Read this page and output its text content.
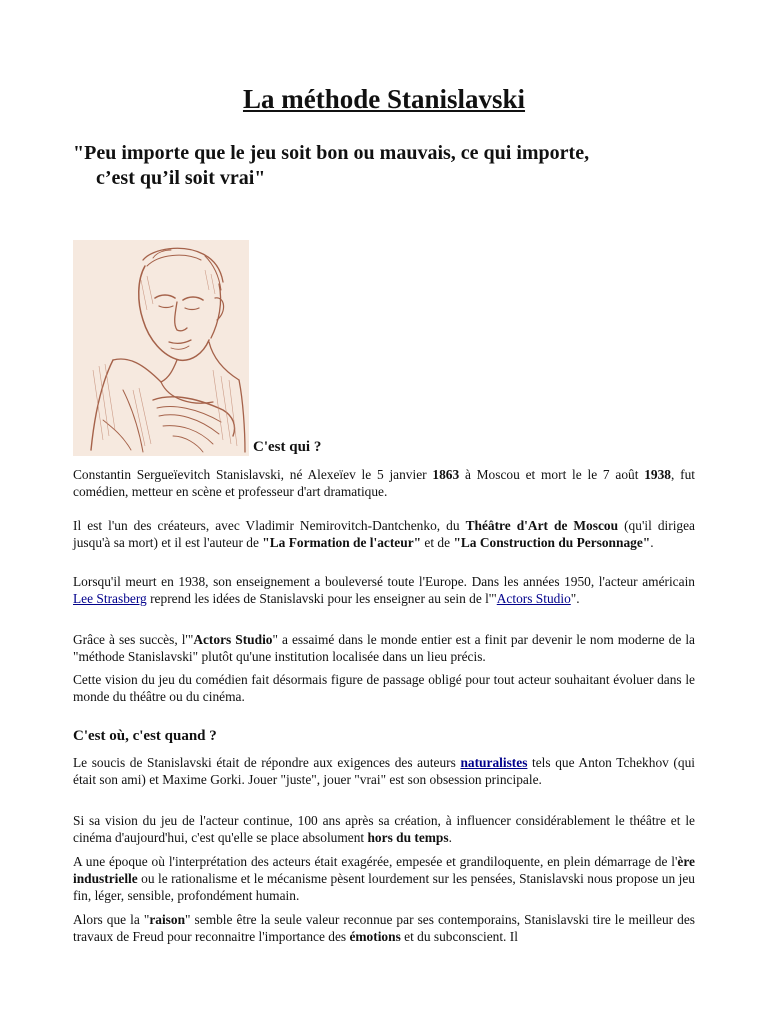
La méthode Stanislavski
"Peu importe que le jeu soit bon ou mauvais, ce qui importe,
c’est qu’il soit vrai"
C'est qui ?

Constantin Sergueïevitch Stanislavski, né Alexeïev le 5 janvier 1863 à Moscou et mort le le 7 août 1938, fut comédien, metteur en scène et professeur d'art dramatique.

Il est l'un des créateurs, avec Vladimir Nemirovitch-Dantchenko, du Théâtre d'Art de Moscou (qu'il dirigea jusqu'à sa mort) et il est l'auteur de "La Formation de l'acteur" et de "La Construction du Personnage".

Lorsqu'il meurt en 1938, son enseignement a bouleversé toute l'Europe. Dans les années 1950, l'acteur américain Lee Strasberg reprend les idées de Stanislavski pour les enseigner au sein de l'"Actors Studio".

Grâce à ses succès, l'"Actors Studio" a essaimé dans le monde entier est a finit par devenir le nom moderne de la "méthode Stanislavski" plutôt qu'une institution localisée dans un lieu précis.

Cette vision du jeu du comédien fait désormais figure de passage obligé pour tout acteur souhaitant évoluer dans le monde du théâtre ou du cinéma.

C'est où, c'est quand ?

Le soucis de Stanislavski était de répondre aux exigences des auteurs naturalistes tels que Anton Tchekhov (qui était son ami) et Maxime Gorki. Jouer "juste", jouer "vrai" est son obsession principale.

Si sa vision du jeu de l'acteur continue, 100 ans après sa création, à influencer considérablement le théâtre et le cinéma d'aujourd'hui, c'est qu'elle se place absolument hors du temps.

A une époque où l'interprétation des acteurs était exagérée, empesée et grandiloquente, en plein démarrage de l'ère industrielle ou le rationalisme et le mécanisme pèsent lourdement sur les pensées, Stanislavski nous propose un jeu fin, léger, sensible, profondément humain.

Alors que la "raison" semble être la seule valeur reconnue par ses contemporains, Stanislavski tire le meilleur des travaux de Freud pour reconnaitre l'importance des émotions et du subconscient. Il
